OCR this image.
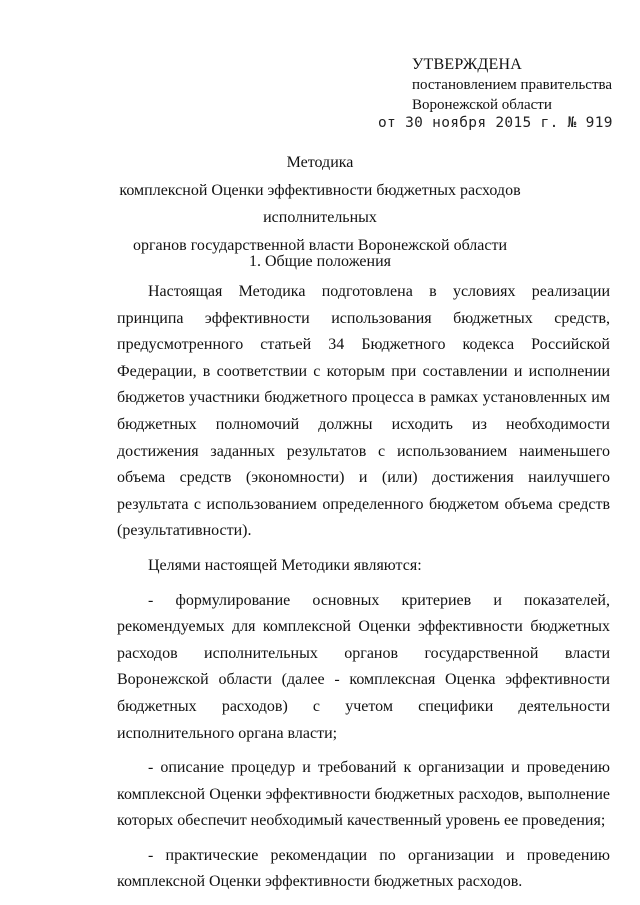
УТВЕРЖДЕНА
постановлением правительства
Воронежской области
от 30 ноября 2015 г. № 919
Методика
комплексной Оценки эффективности бюджетных расходов исполнительных
органов государственной власти Воронежской области
1. Общие положения

Настоящая Методика подготовлена в условиях реализации принципа эффективности использования бюджетных средств, предусмотренного статьей 34 Бюджетного кодекса Российской Федерации, в соответствии с которым при составлении и исполнении бюджетов участники бюджетного процесса в рамках установленных им бюджетных полномочий должны исходить из необходимости достижения заданных результатов с использованием наименьшего объема средств (экономности) и (или) достижения наилучшего результата с использованием определенного бюджетом объема средств (результативности).

Целями настоящей Методики являются:

- формулирование основных критериев и показателей, рекомендуемых для комплексной Оценки эффективности бюджетных расходов исполнительных органов государственной власти Воронежской области (далее - комплексная Оценка эффективности бюджетных расходов) с учетом специфики деятельности исполнительного органа власти;

- описание процедур и требований к организации и проведению комплексной Оценки эффективности бюджетных расходов, выполнение которых обеспечит необходимый качественный уровень ее проведения;

- практические рекомендации по организации и проведению комплексной Оценки эффективности бюджетных расходов.
